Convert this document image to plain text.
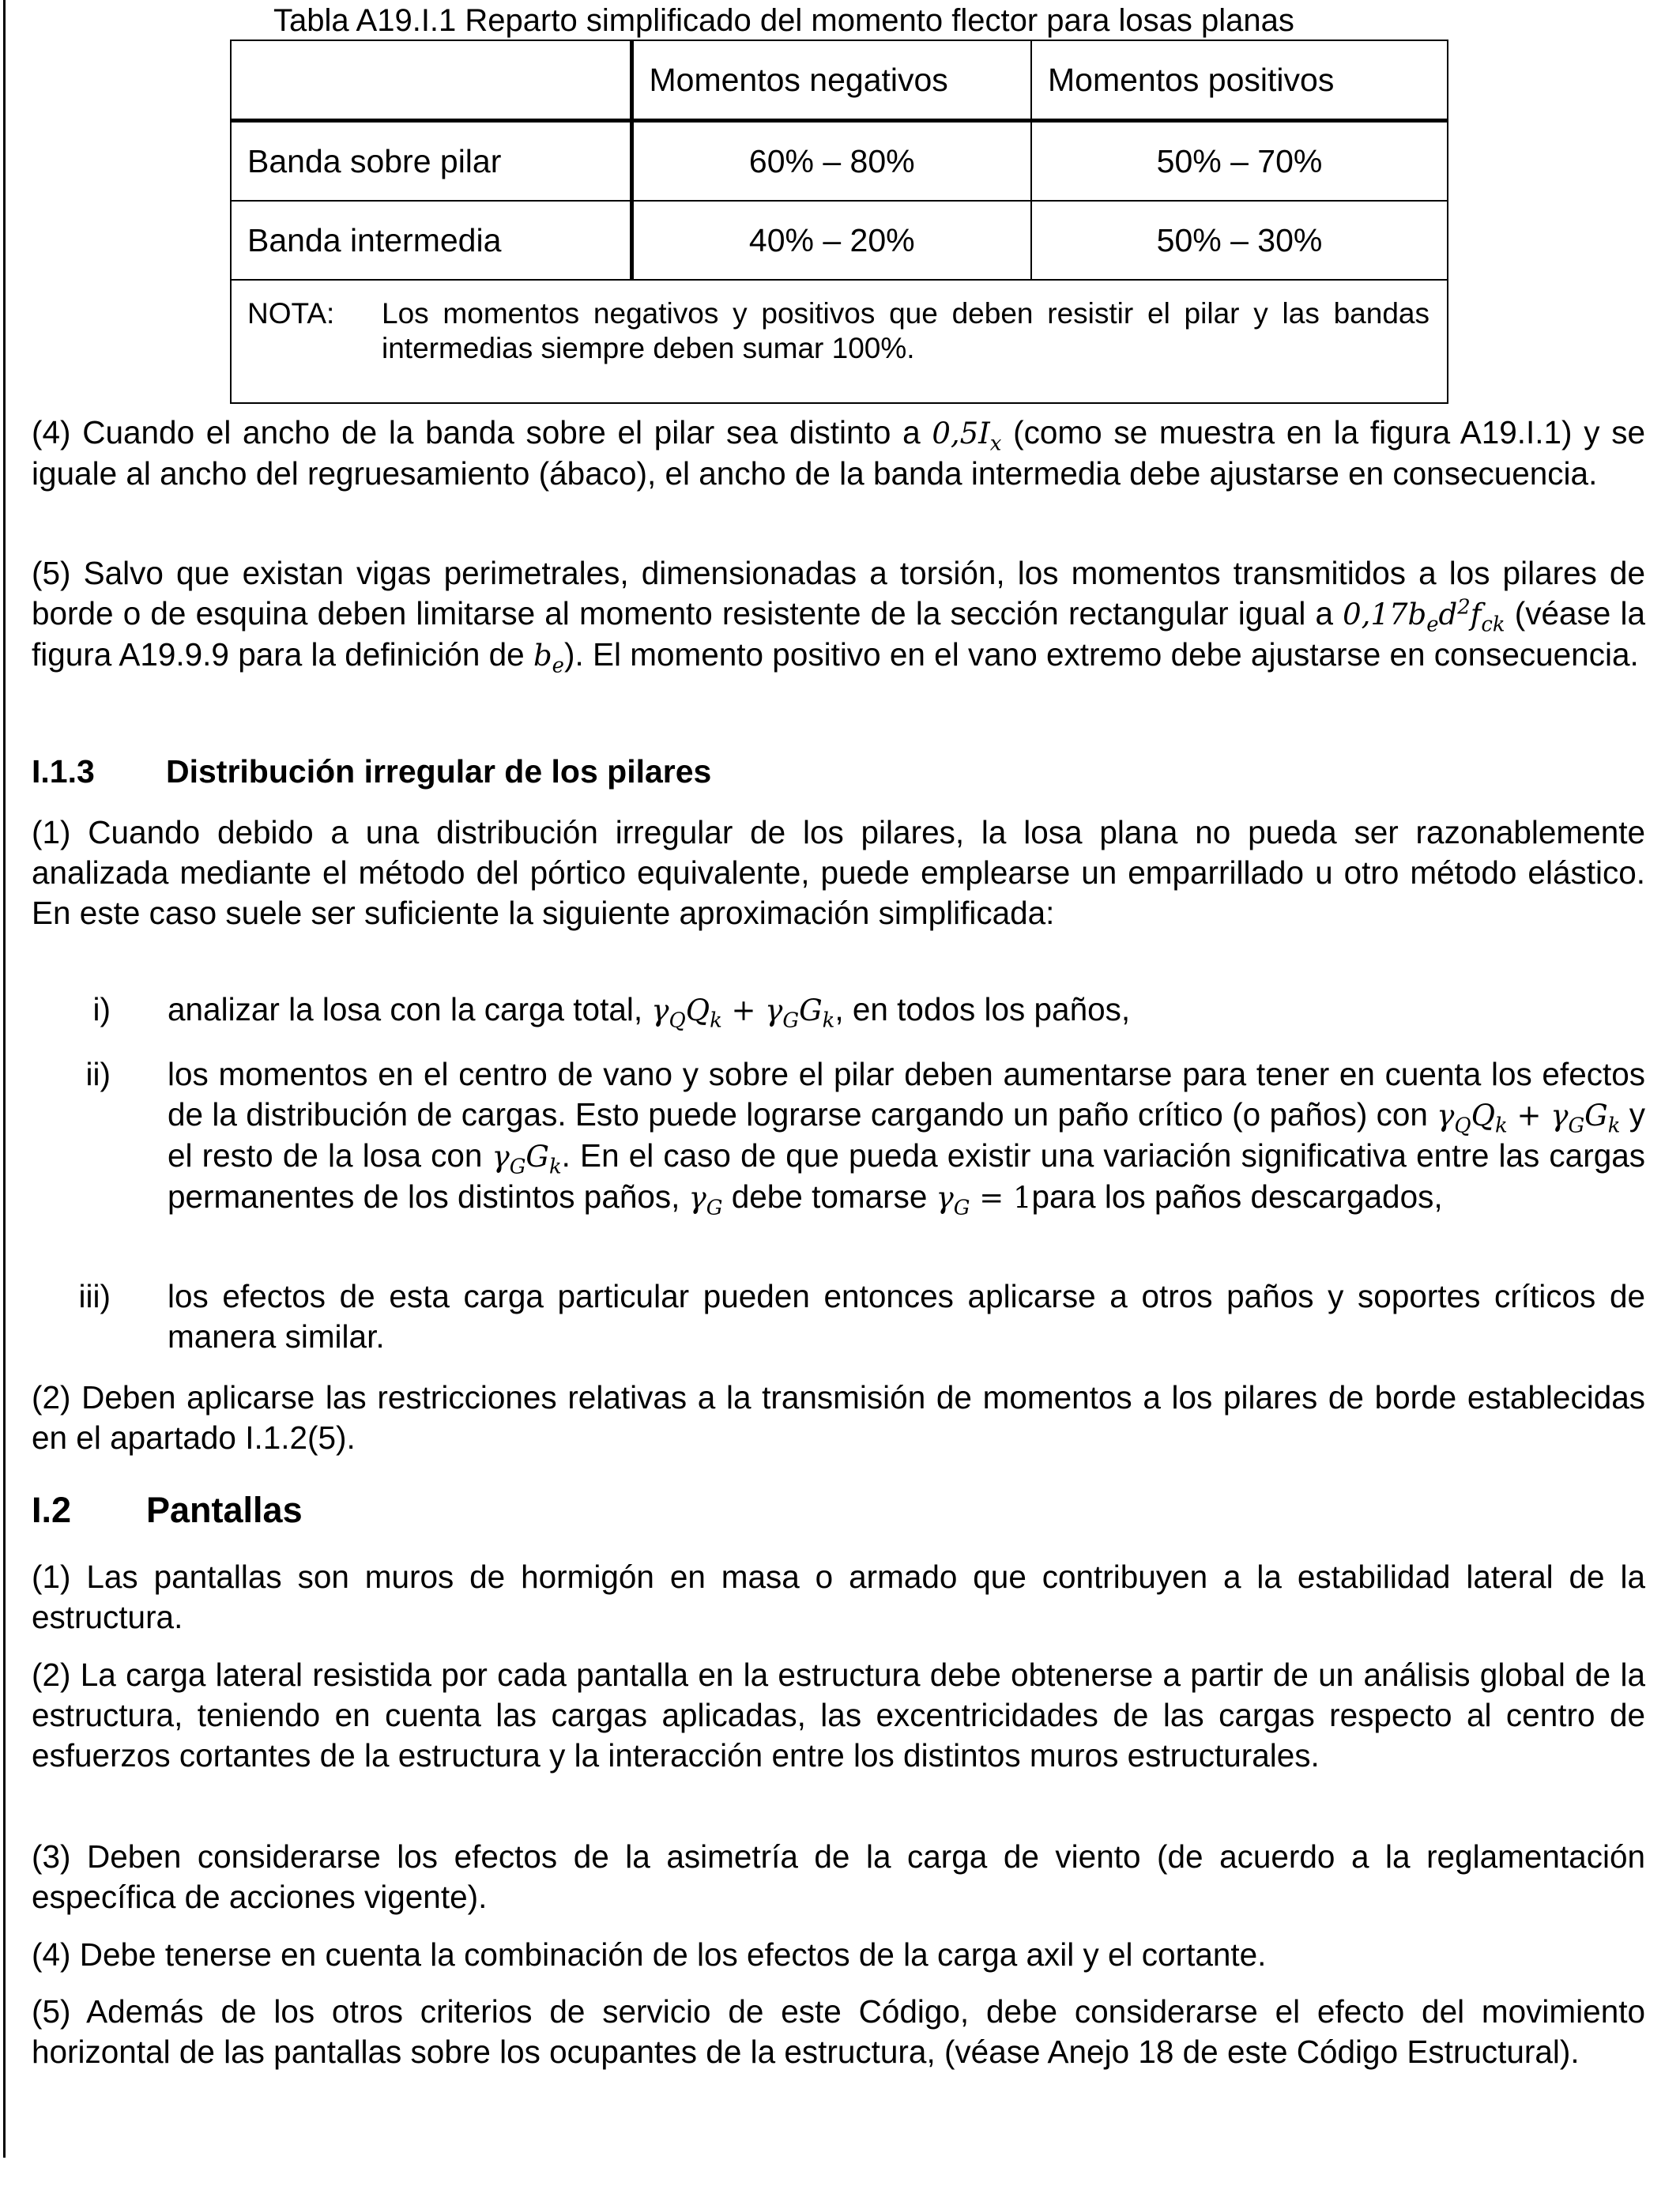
Tabla A19.I.1 Reparto simplificado del momento flector para losas planas
	Momentos negativos	Momentos positivos
Banda sobre pilar	60% – 80%	50% – 70%
Banda intermedia	40% – 20%	50% – 30%

NOTA: Los momentos negativos y positivos que deben resistir el pilar y las bandas intermedias siempre deben sumar 100%.		
(4) Cuando el ancho de la banda sobre el pilar sea distinto a $0,5I_x$ (como se muestra en la figura A19.I.1) y se iguale al ancho del regruesamiento (ábaco), el ancho de la banda intermedia debe ajustarse en consecuencia.
(5) Salvo que existan vigas perimetrales, dimensionadas a torsión, los momentos transmitidos a los pilares de borde o de esquina deben limitarse al momento resistente de la sección rectangular igual a $0,17b_ed^2f_{ck}$ (véase la figura A19.9.9 para la definición de $b_e$). El momento positivo en el vano extremo debe ajustarse en consecuencia.
I.1.3 Distribución irregular de los pilares
(1) Cuando debido a una distribución irregular de los pilares, la losa plana no pueda ser razonablemente analizada mediante el método del pórtico equivalente, puede emplearse un emparrillado u otro método elástico. En este caso suele ser suficiente la siguiente aproximación simplificada:
i)	analizar la losa con la carga total, $\gamma_QQ_k + \gamma_GG_k$, en todos los paños,
ii)	los momentos en el centro de vano y sobre el pilar deben aumentarse para tener en cuenta los efectos de la distribución de cargas. Esto puede lograrse cargando un paño crítico (o paños) con $\gamma_QQ_k + \gamma_GG_k$ y el resto de la losa con $\gamma_GG_k$. En el caso de que pueda existir una variación significativa entre las cargas permanentes de los distintos paños, $\gamma_G$ debe tomarse $\gamma_G$ = 1para los paños descargados,
iii)	los efectos de esta carga particular pueden entonces aplicarse a otros paños y soportes críticos de manera similar.
(2) Deben aplicarse las restricciones relativas a la transmisión de momentos a los pilares de borde establecidas en el apartado I.1.2(5).
I.2 Pantallas
(1) Las pantallas son muros de hormigón en masa o armado que contribuyen a la estabilidad lateral de la estructura.
(2) La carga lateral resistida por cada pantalla en la estructura debe obtenerse a partir de un análisis global de la estructura, teniendo en cuenta las cargas aplicadas, las excentricidades de las cargas respecto al centro de esfuerzos cortantes de la estructura y la interacción entre los distintos muros estructurales.
(3) Deben considerarse los efectos de la asimetría de la carga de viento (de acuerdo a la reglamentación específica de acciones vigente).
(4) Debe tenerse en cuenta la combinación de los efectos de la carga axil y el cortante.
(5) Además de los otros criterios de servicio de este Código, debe considerarse el efecto del movimiento horizontal de las pantallas sobre los ocupantes de la estructura, (véase Anejo 18 de este Código Estructural).
